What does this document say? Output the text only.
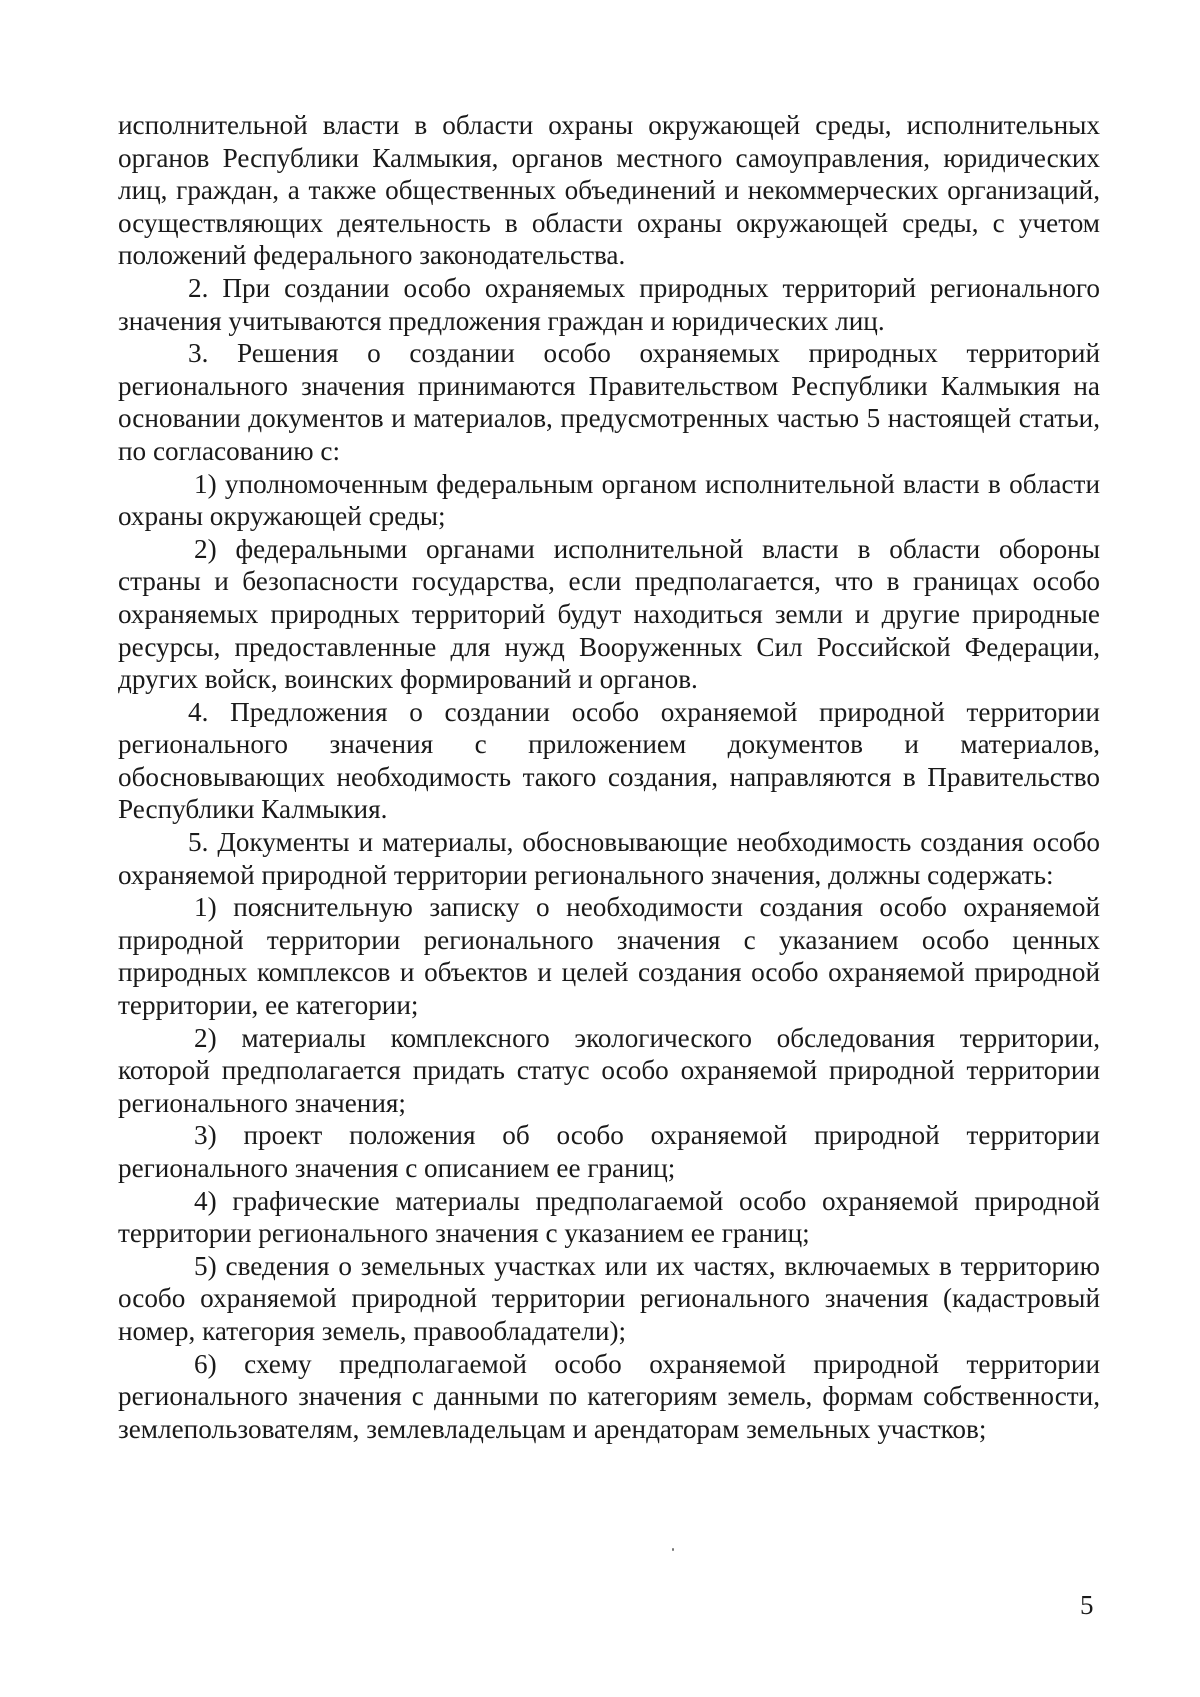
исполнительной власти в области охраны окружающей среды, исполнительных органов Республики Калмыкия, органов местного самоуправления, юридических лиц, граждан, а также общественных объединений и некоммерческих организаций, осуществляющих деятельность в области охраны окружающей среды, с учетом положений федерального законодательства.

2. При создании особо охраняемых природных территорий регионального значения учитываются предложения граждан и юридических лиц.

3. Решения о создании особо охраняемых природных территорий регионального значения принимаются Правительством Республики Калмыкия на основании документов и материалов, предусмотренных частью 5 настоящей статьи, по согласованию с:

1) уполномоченным федеральным органом исполнительной власти в области охраны окружающей среды;

2) федеральными органами исполнительной власти в области обороны страны и безопасности государства, если предполагается, что в границах особо охраняемых природных территорий будут находиться земли и другие природные ресурсы, предоставленные для нужд Вооруженных Сил Российской Федерации, других войск, воинских формирований и органов.

4. Предложения о создании особо охраняемой природной территории регионального значения с приложением документов и материалов, обосновывающих необходимость такого создания, направляются в Правительство Республики Калмыкия.

5. Документы и материалы, обосновывающие необходимость создания особо охраняемой природной территории регионального значения, должны содержать:

1) пояснительную записку о необходимости создания особо охраняемой природной территории регионального значения с указанием особо ценных природных комплексов и объектов и целей создания особо охраняемой природной территории, ее категории;

2) материалы комплексного экологического обследования территории, которой предполагается придать статус особо охраняемой природной территории регионального значения;

3) проект положения об особо охраняемой природной территории регионального значения с описанием ее границ;

4) графические материалы предполагаемой особо охраняемой природной территории регионального значения с указанием ее границ;

5) сведения о земельных участках или их частях, включаемых в территорию особо охраняемой природной территории регионального значения (кадастровый номер, категория земель, правообладатели);

6) схему предполагаемой особо охраняемой природной территории регионального значения с данными по категориям земель, формам собственности, землепользователям, землевладельцам и арендаторам земельных участков;

5
